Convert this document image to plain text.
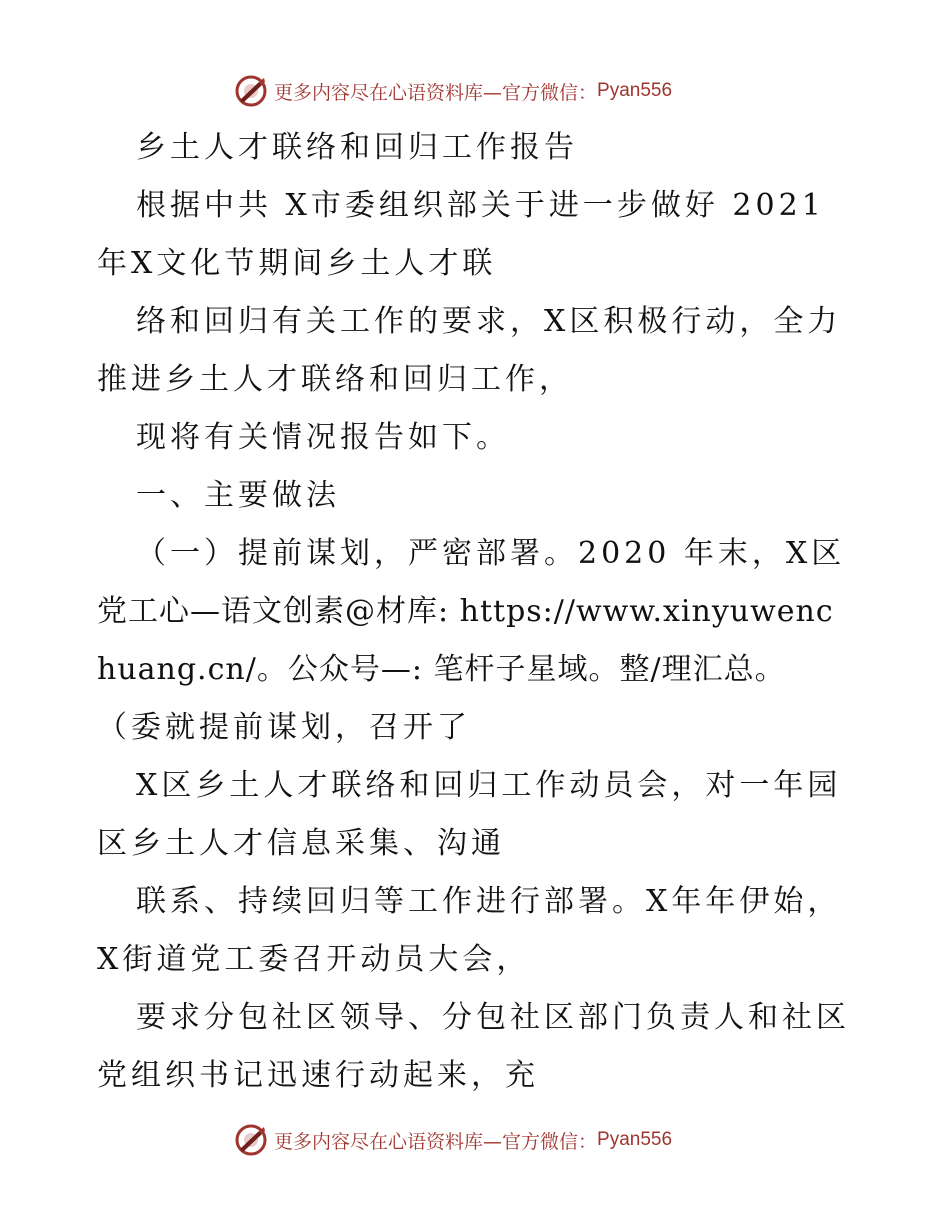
更多内容尽在心语资料库—官方微信： Pyan556
乡土人才联络和回归工作报告
根据中共 X市委组织部关于进一步做好 2021
年X文化节期间乡土人才联
络和回归有关工作的要求，X区积极行动，全力
推进乡土人才联络和回归工作，
现将有关情况报告如下。
一、主要做法
（一）提前谋划，严密部署。2020 年末，X区
党工心—语文创素@材库: https://www.xinyuwenc
huang.cn/。公众号—: 笔杆子星域。整/理汇总。
（委就提前谋划，召开了
X区乡土人才联络和回归工作动员会，对一年园
区乡土人才信息采集、沟通
联系、持续回归等工作进行部署。X年年伊始，
X街道党工委召开动员大会，
要求分包社区领导、分包社区部门负责人和社区
党组织书记迅速行动起来，充
更多内容尽在心语资料库—官方微信： Pyan556
